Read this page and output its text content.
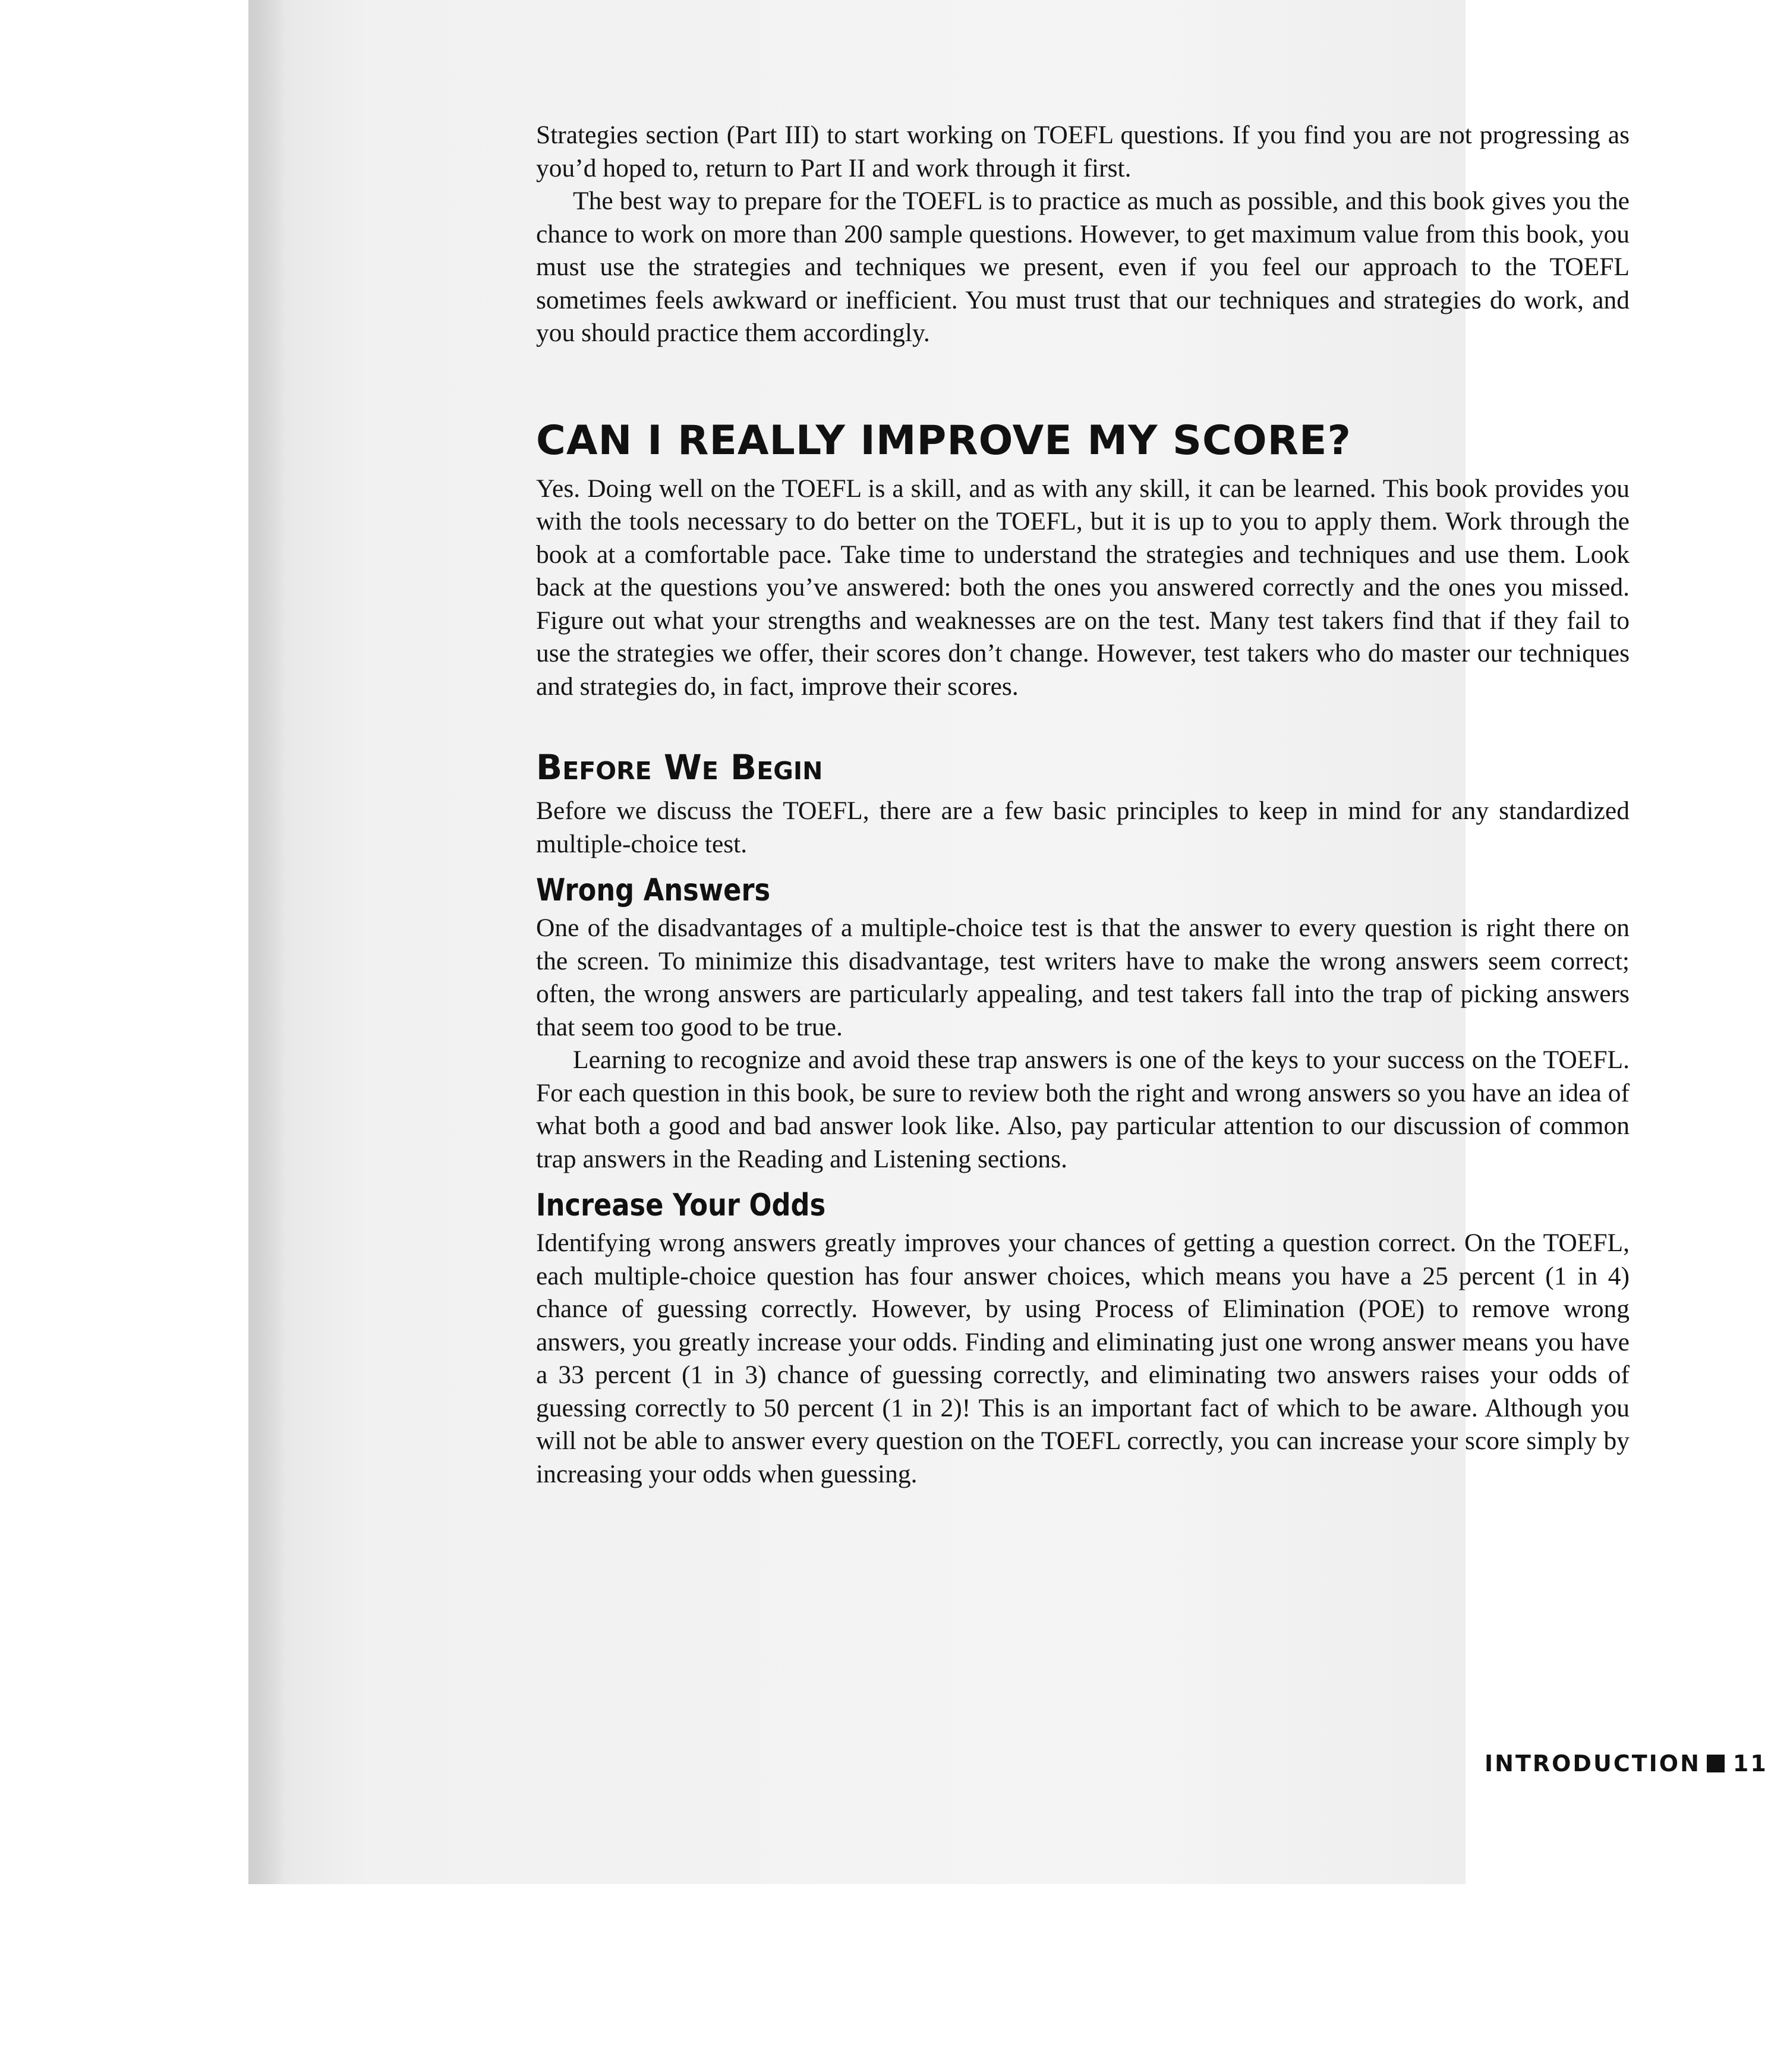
Strategies section (Part III) to start working on TOEFL questions. If you find you are not progressing as you’d hoped to, return to Part II and work through it first.

The best way to prepare for the TOEFL is to practice as much as possible, and this book gives you the chance to work on more than 200 sample questions. However, to get maximum value from this book, you must use the strategies and techniques we present, even if you feel our approach to the TOEFL sometimes feels awkward or inefficient. You must trust that our techniques and strategies do work, and you should practice them accordingly.

CAN I REALLY IMPROVE MY SCORE?

Yes. Doing well on the TOEFL is a skill, and as with any skill, it can be learned. This book provides you with the tools necessary to do better on the TOEFL, but it is up to you to apply them. Work through the book at a comfortable pace. Take time to understand the strategies and techniques and use them. Look back at the questions you’ve answered: both the ones you answered correctly and the ones you missed. Figure out what your strengths and weaknesses are on the test. Many test takers find that if they fail to use the strategies we offer, their scores don’t change. However, test takers who do master our techniques and strategies do, in fact, improve their scores.

Before We Begin

Before we discuss the TOEFL, there are a few basic principles to keep in mind for any standardized multiple-choice test.

Wrong Answers

One of the disadvantages of a multiple-choice test is that the answer to every question is right there on the screen. To minimize this disadvantage, test writers have to make the wrong answers seem correct; often, the wrong answers are particularly appealing, and test takers fall into the trap of picking answers that seem too good to be true.

Learning to recognize and avoid these trap answers is one of the keys to your success on the TOEFL. For each question in this book, be sure to review both the right and wrong answers so you have an idea of what both a good and bad answer look like. Also, pay particular attention to our discussion of common trap answers in the Reading and Listening sections.

Increase Your Odds

Identifying wrong answers greatly improves your chances of getting a question correct. On the TOEFL, each multiple-choice question has four answer choices, which means you have a 25 percent (1 in 4) chance of guessing correctly. However, by using Process of Elimination (POE) to remove wrong answers, you greatly increase your odds. Finding and eliminating just one wrong answer means you have a 33 percent (1 in 3) chance of guessing correctly, and eliminating two answers raises your odds of guessing correctly to 50 percent (1 in 2)! This is an important fact of which to be aware. Although you will not be able to answer every question on the TOEFL correctly, you can increase your score simply by increasing your odds when guessing.

INTRODUCTION 11
